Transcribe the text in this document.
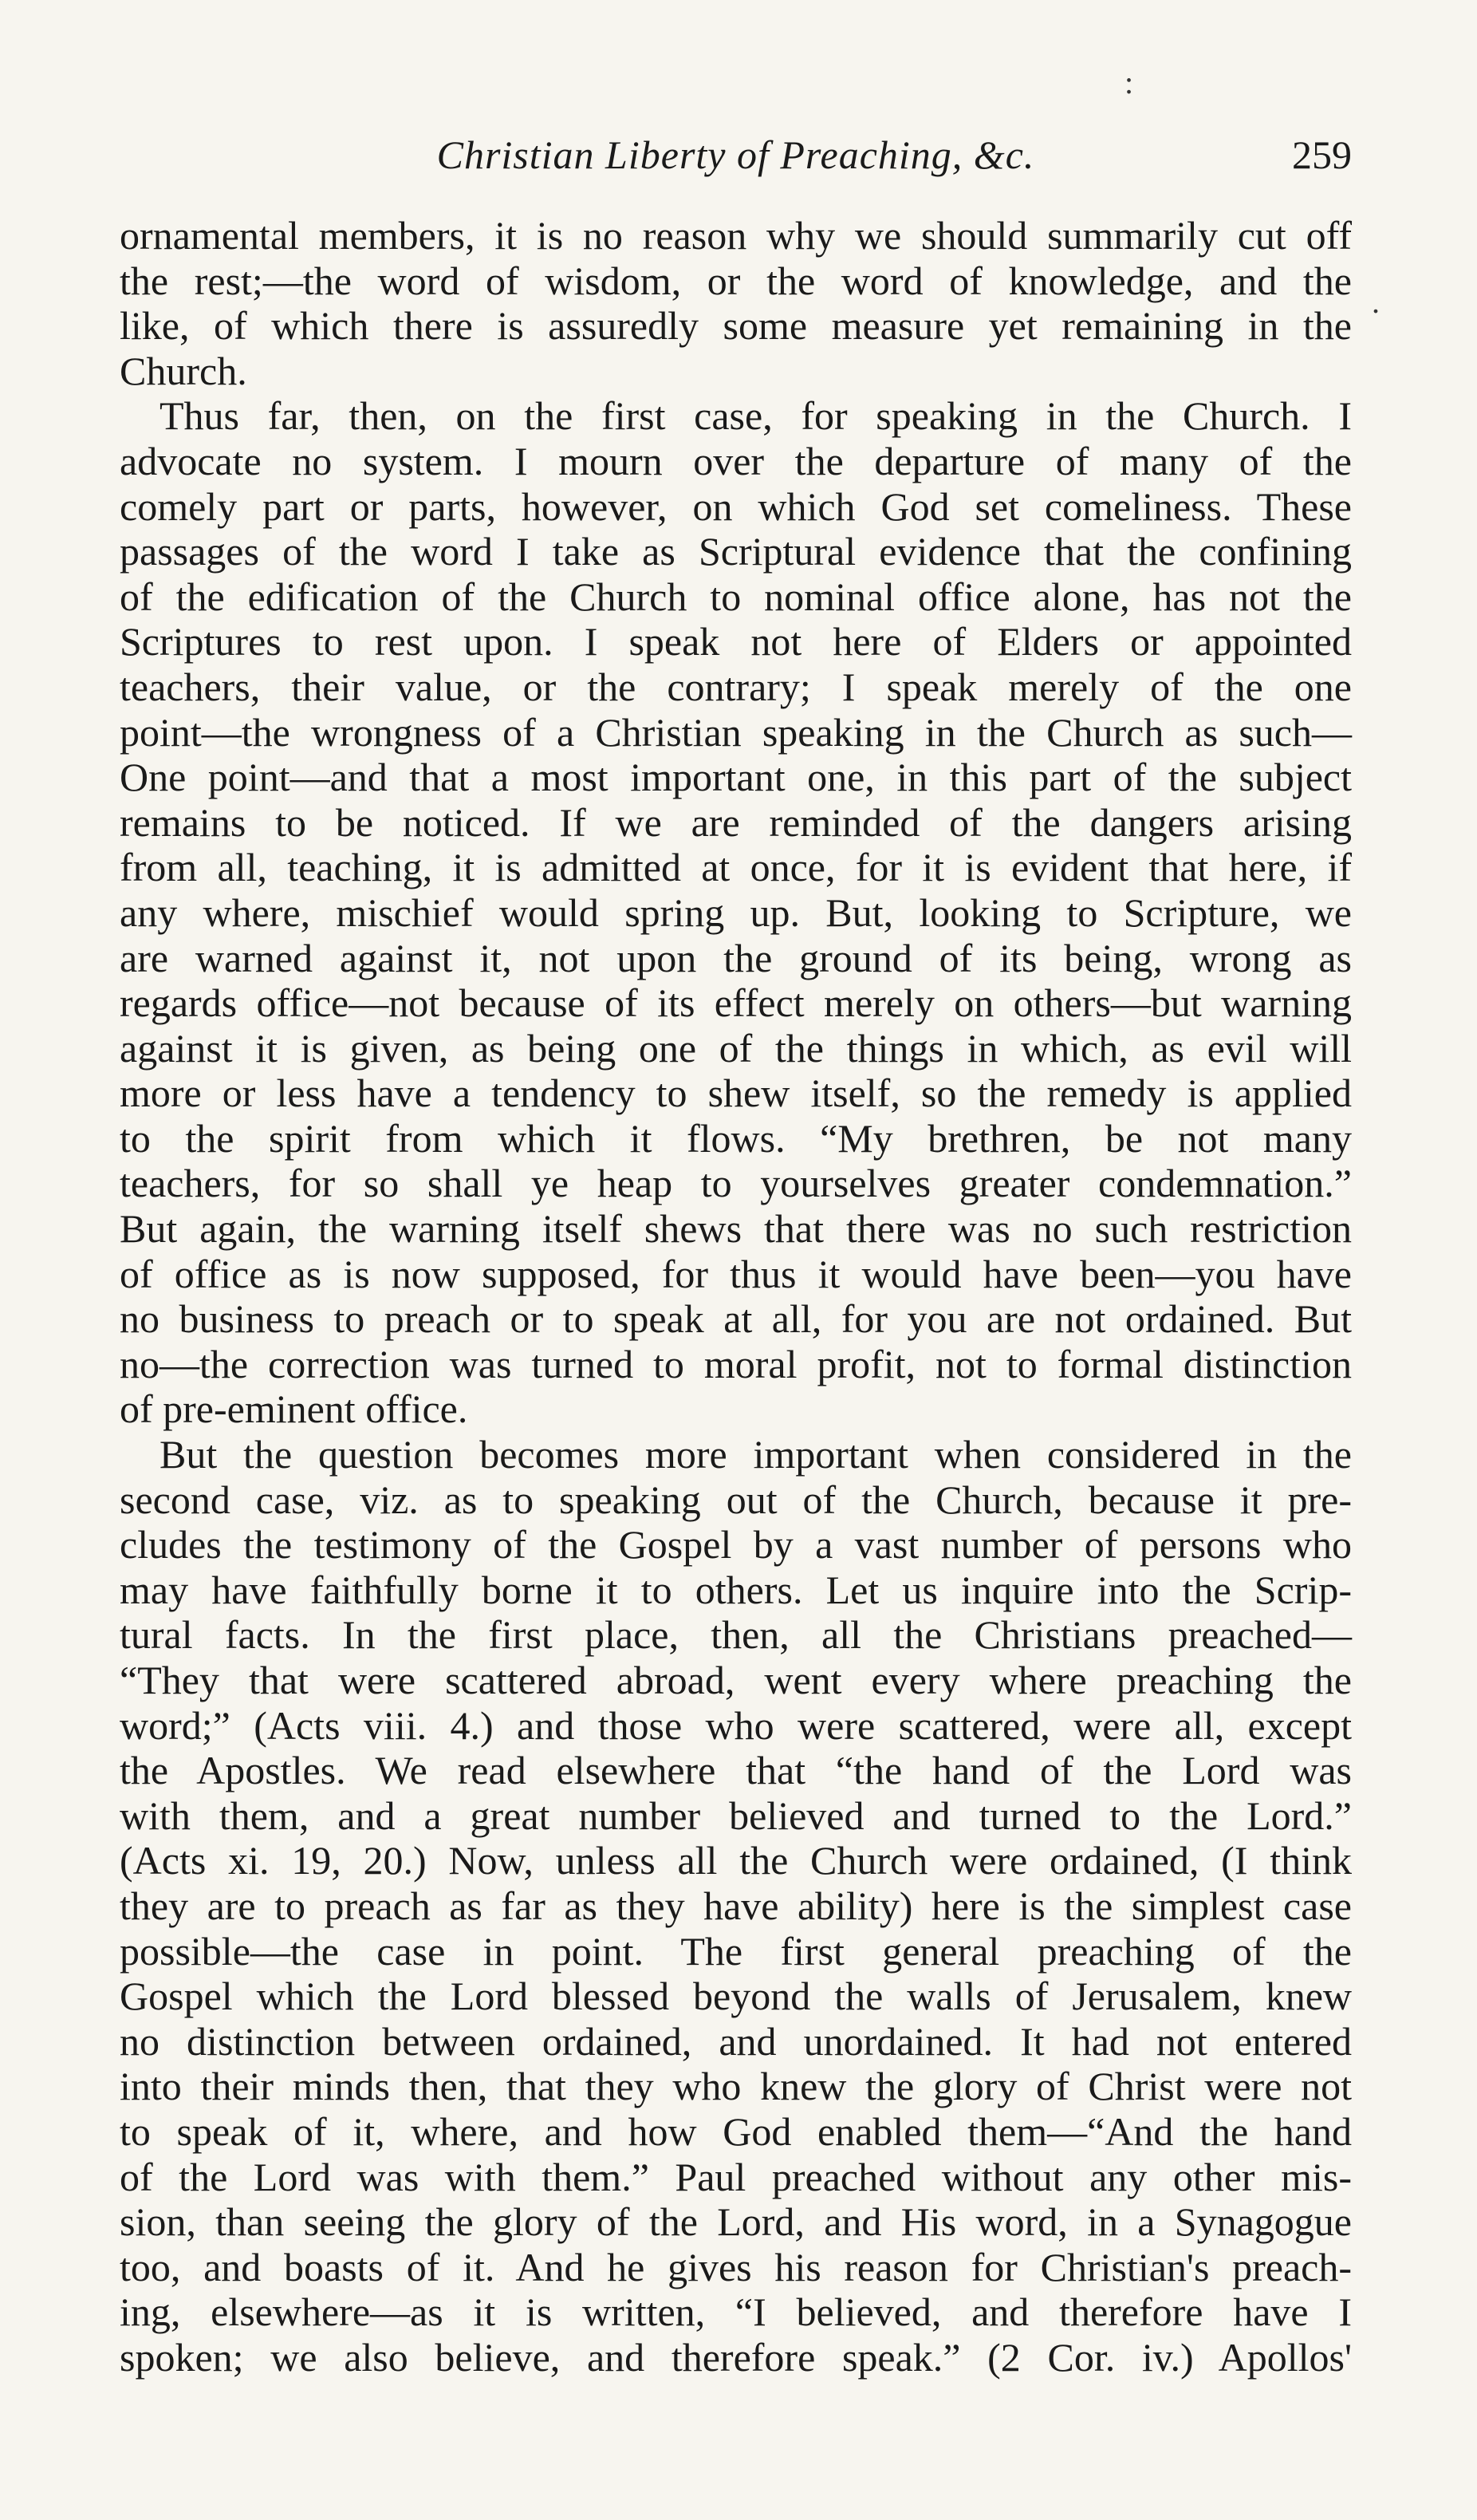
:
.
Christian Liberty of Preaching, &c.	259
ornamental members, it is no reason why we should summarily cut off
the rest;—the word of wisdom, or the word of knowledge, and the
like, of which there is assuredly some measure yet remaining in the
Church.
Thus far, then, on the first case, for speaking in the Church. I
advocate no system. I mourn over the departure of many of the
comely part or parts, however, on which God set comeliness. These
passages of the word I take as Scriptural evidence that the confining
of the edification of the Church to nominal office alone, has not the
Scriptures to rest upon. I speak not here of Elders or appointed
teachers, their value, or the contrary; I speak merely of the one
point—the wrongness of a Christian speaking in the Church as such—
One point—and that a most important one, in this part of the subject
remains to be noticed. If we are reminded of the dangers arising
from all, teaching, it is admitted at once, for it is evident that here, if
any where, mischief would spring up. But, looking to Scripture, we
are warned against it, not upon the ground of its being, wrong as
regards office—not because of its effect merely on others—but warning
against it is given, as being one of the things in which, as evil will
more or less have a tendency to shew itself, so the remedy is applied
to the spirit from which it flows. “My brethren, be not many
teachers, for so shall ye heap to yourselves greater condemnation.”
But again, the warning itself shews that there was no such restriction
of office as is now supposed, for thus it would have been—you have
no business to preach or to speak at all, for you are not ordained. But
no—the correction was turned to moral profit, not to formal distinction
of pre-eminent office.
But the question becomes more important when considered in the
second case, viz. as to speaking out of the Church, because it pre-
cludes the testimony of the Gospel by a vast number of persons who
may have faithfully borne it to others. Let us inquire into the Scrip-
tural facts. In the first place, then, all the Christians preached—
“They that were scattered abroad, went every where preaching the
word;” (Acts viii. 4.) and those who were scattered, were all, except
the Apostles. We read elsewhere that “the hand of the Lord was
with them, and a great number believed and turned to the Lord.”
(Acts xi. 19, 20.) Now, unless all the Church were ordained, (I think
they are to preach as far as they have ability) here is the simplest case
possible—the case in point. The first general preaching of the
Gospel which the Lord blessed beyond the walls of Jerusalem, knew
no distinction between ordained, and unordained. It had not entered
into their minds then, that they who knew the glory of Christ were not
to speak of it, where, and how God enabled them—“And the hand
of the Lord was with them.” Paul preached without any other mis-
sion, than seeing the glory of the Lord, and His word, in a Synagogue
too, and boasts of it. And he gives his reason for Christian's preach-
ing, elsewhere—as it is written, “I believed, and therefore have I
spoken; we also believe, and therefore speak.” (2 Cor. iv.) Apollos'
